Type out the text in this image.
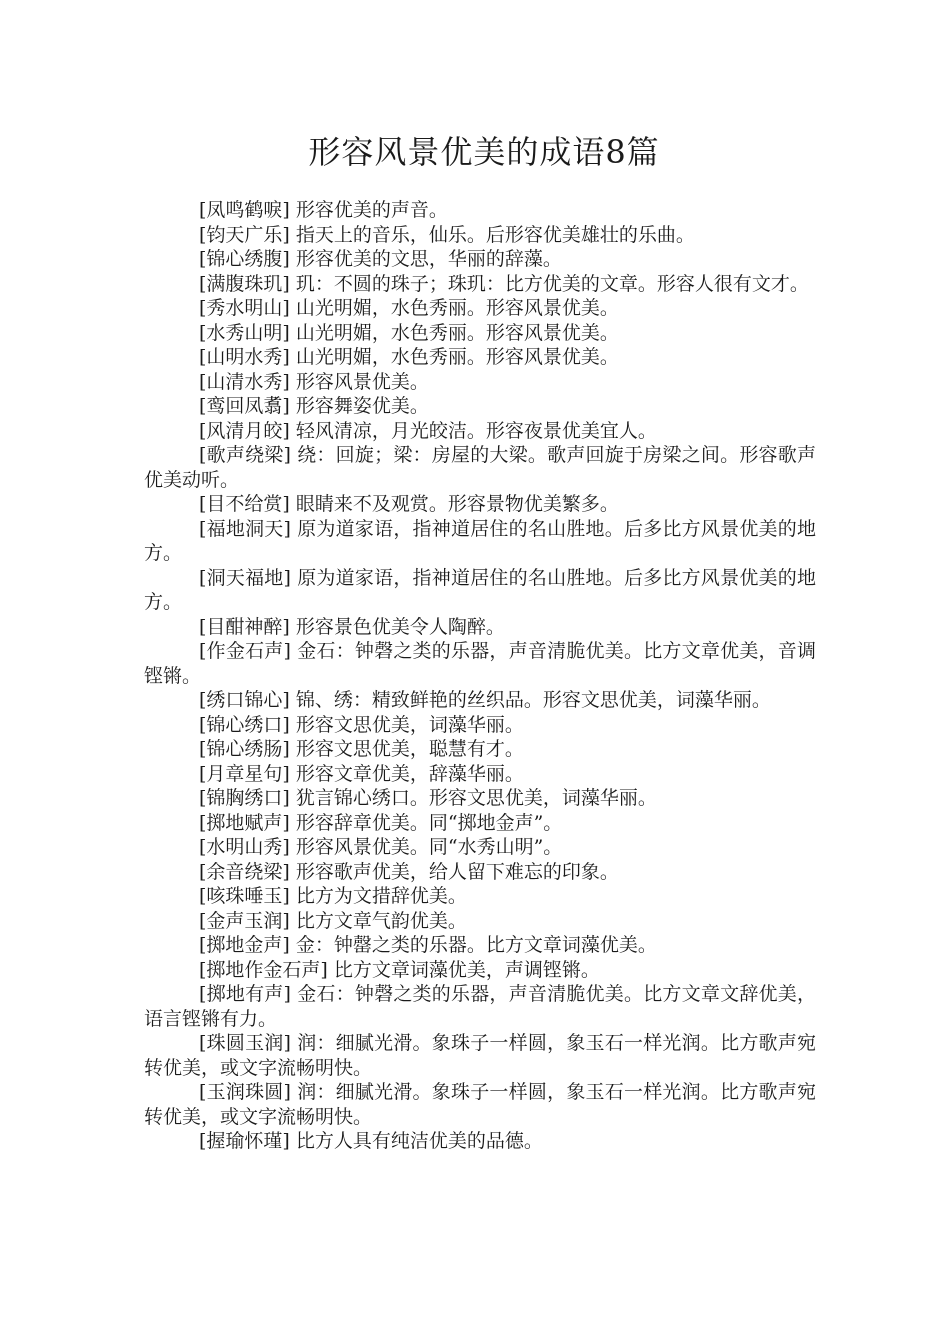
形容风景优美的成语8篇

[凤鸣鹤唳] 形容优美的声音。

[钧天广乐] 指天上的音乐，仙乐。后形容优美雄壮的乐曲。

[锦心绣腹] 形容优美的文思，华丽的辞藻。

[满腹珠玑] 玑：不圆的珠子；珠玑：比方优美的文章。形容人很有文才。

[秀水明山] 山光明媚，水色秀丽。形容风景优美。

[水秀山明] 山光明媚，水色秀丽。形容风景优美。

[山明水秀] 山光明媚，水色秀丽。形容风景优美。

[山清水秀] 形容风景优美。

[鸾回凤翥] 形容舞姿优美。

[风清月皎] 轻风清凉，月光皎洁。形容夜景优美宜人。

[歌声绕梁] 绕：回旋；梁：房屋的大梁。歌声回旋于房梁之间。形容歌声优美动听。

[目不给赏] 眼睛来不及观赏。形容景物优美繁多。

[福地洞天] 原为道家语，指神道居住的名山胜地。后多比方风景优美的地方。

[洞天福地] 原为道家语，指神道居住的名山胜地。后多比方风景优美的地方。

[目酣神醉] 形容景色优美令人陶醉。

[作金石声] 金石：钟磬之类的乐器，声音清脆优美。比方文章优美，音调铿锵。

[绣口锦心] 锦、绣：精致鲜艳的丝织品。形容文思优美，词藻华丽。

[锦心绣口] 形容文思优美，词藻华丽。

[锦心绣肠] 形容文思优美，聪慧有才。

[月章星句] 形容文章优美，辞藻华丽。

[锦胸绣口] 犹言锦心绣口。形容文思优美，词藻华丽。

[掷地赋声] 形容辞章优美。同“掷地金声”。

[水明山秀] 形容风景优美。同“水秀山明”。

[余音绕梁] 形容歌声优美，给人留下难忘的印象。

[咳珠唾玉] 比方为文措辞优美。

[金声玉润] 比方文章气韵优美。

[掷地金声] 金：钟罄之类的乐器。比方文章词藻优美。

[掷地作金石声] 比方文章词藻优美，声调铿锵。

[掷地有声] 金石：钟磬之类的乐器，声音清脆优美。比方文章文辞优美，语言铿锵有力。

[珠圆玉润] 润：细腻光滑。象珠子一样圆，象玉石一样光润。比方歌声宛转优美，或文字流畅明快。

[玉润珠圆] 润：细腻光滑。象珠子一样圆，象玉石一样光润。比方歌声宛转优美，或文字流畅明快。

[握瑜怀瑾] 比方人具有纯洁优美的品德。
